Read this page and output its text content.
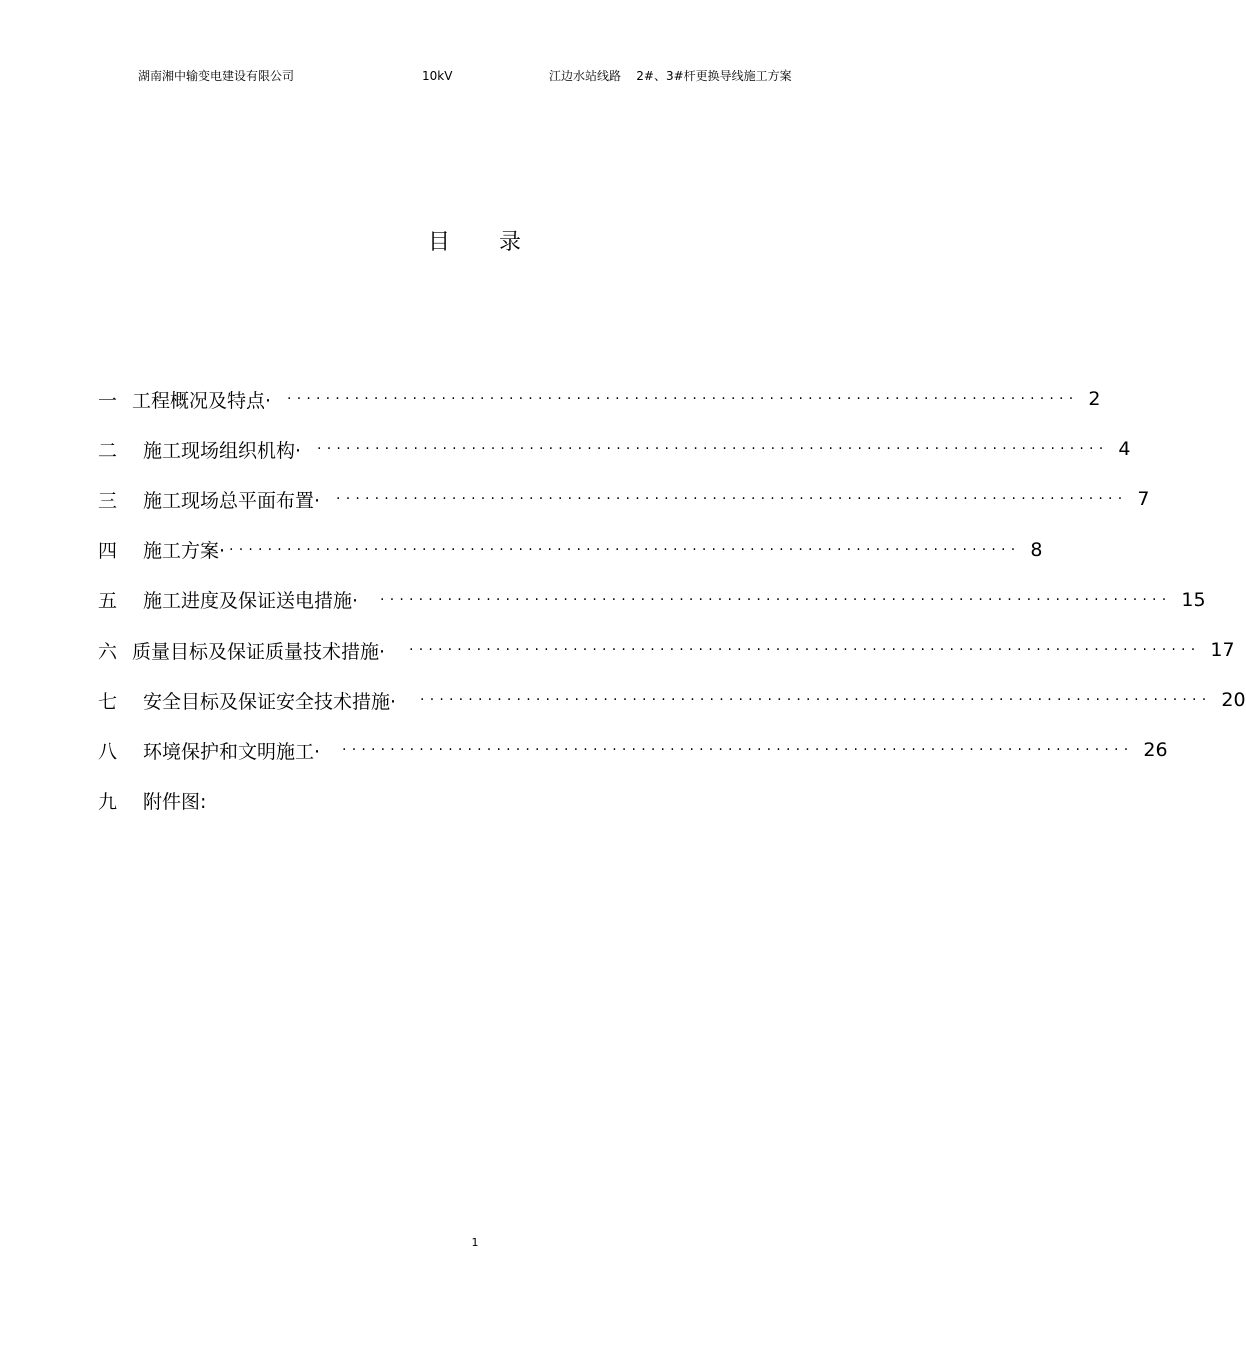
湖南湘中输变电建设有限公司	10kV	江边水站线路    2#、3#杆更换导线施工方案
目 录
一 工程概况及特点· ·················································································· 2
二	施工现场组织机构· ·················································································· 4
三	施工现场总平面布置· ·················································································· 7
四	施工方案· ·················································································· 8
五	施工进度及保证送电措施· ·················································································· 15
六 质量目标及保证质量技术措施· ·················································································· 17
七	安全目标及保证安全技术措施· ·················································································· 20
八	环境保护和文明施工· ·················································································· 26
九	附件图:
1
